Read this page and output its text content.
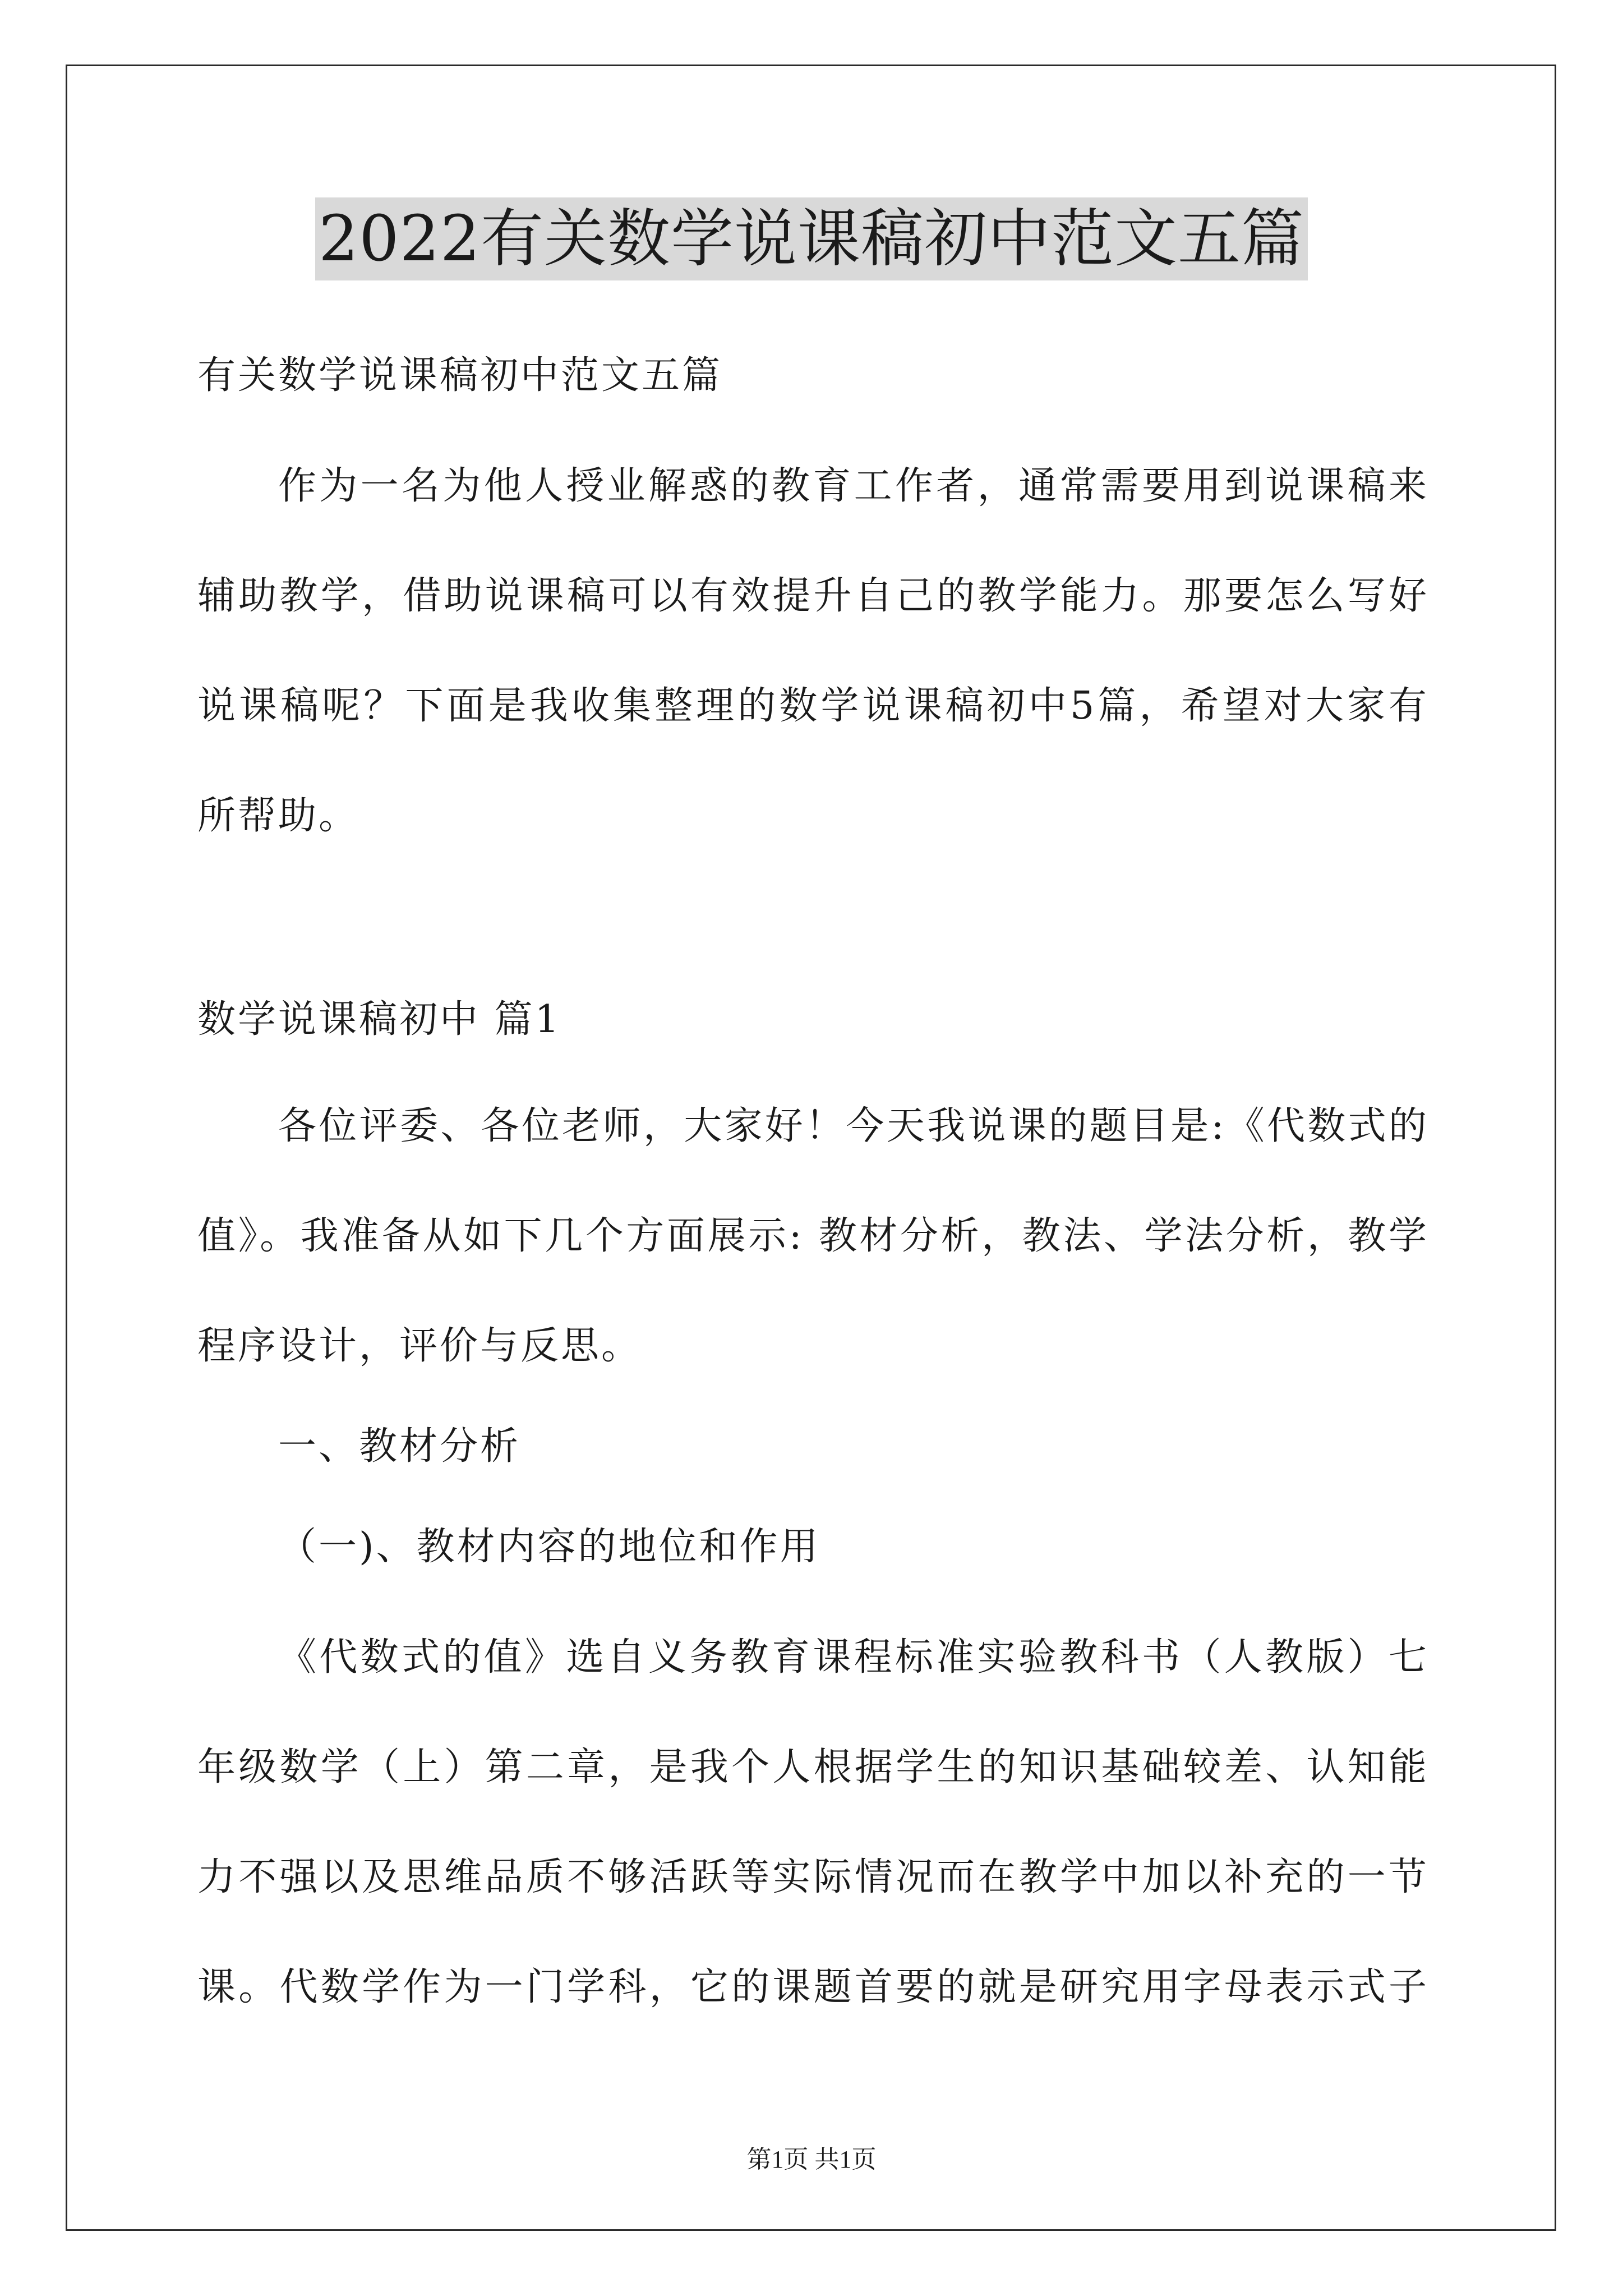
2022有关数学说课稿初中范文五篇
有关数学说课稿初中范文五篇
作为一名为他人授业解惑的教育工作者，通常需要用到说课稿来
辅助教学，借助说课稿可以有效提升自己的教学能力。那要怎么写好
说课稿呢？下面是我收集整理的数学说课稿初中5篇，希望对大家有
所帮助。
数学说课稿初中 篇1
各位评委、各位老师，大家好！今天我说课的题目是:《代数式的
值》。我准备从如下几个方面展示: 教材分析，教法、学法分析，教学
程序设计，评价与反思。
一、教材分析
（一)、教材内容的地位和作用
《代数式的值》选自义务教育课程标准实验教科书（人教版）七
年级数学（上）第二章，是我个人根据学生的知识基础较差、认知能
力不强以及思维品质不够活跃等实际情况而在教学中加以补充的一节
课。代数学作为一门学科，它的课题首要的就是研究用字母表示式子
第1页 共1页
